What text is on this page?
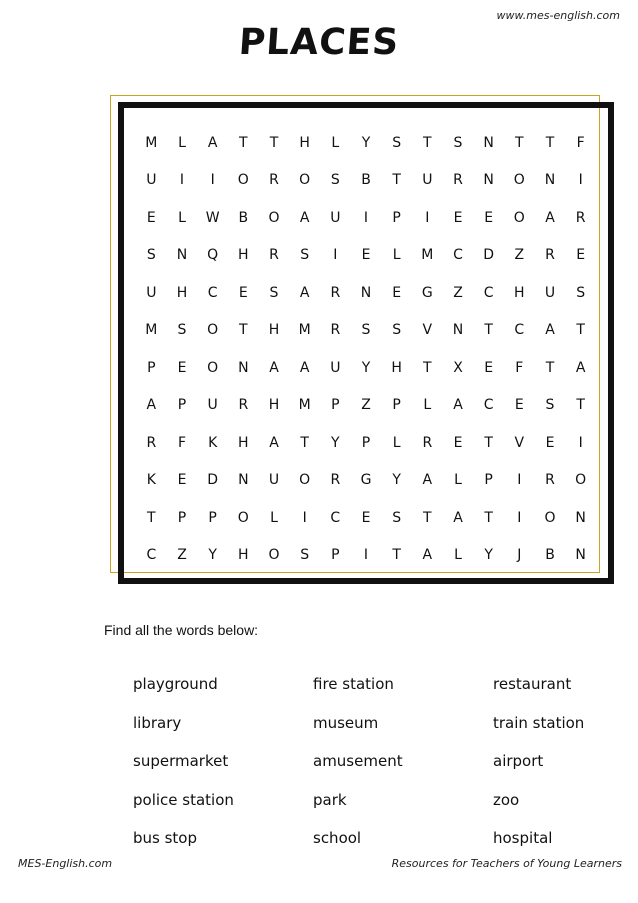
www.mes-english.com
PLACES
M	L	A	T	T	H	L	Y	S	T	S	N	T	T	F
U	I	I	O	R	O	S	B	T	U	R	N	O	N	I
E	L	W	B	O	A	U	I	P	I	E	E	O	A	R
S	N	Q	H	R	S	I	E	L	M	C	D	Z	R	E
U	H	C	E	S	A	R	N	E	G	Z	C	H	U	S
M	S	O	T	H	M	R	S	S	V	N	T	C	A	T
P	E	O	N	A	A	U	Y	H	T	X	E	F	T	A
A	P	U	R	H	M	P	Z	P	L	A	C	E	S	T
R	F	K	H	A	T	Y	P	L	R	E	T	V	E	I
K	E	D	N	U	O	R	G	Y	A	L	P	I	R	O
T	P	P	O	L	I	C	E	S	T	A	T	I	O	N
C	Z	Y	H	O	S	P	I	T	A	L	Y	J	B	N
Find all the words below:
playground	fire station	restaurant
library	museum	train station
supermarket	amusement	airport
police station	park	zoo
bus stop	school	hospital
MES-English.com	Resources for Teachers of Young Learners
